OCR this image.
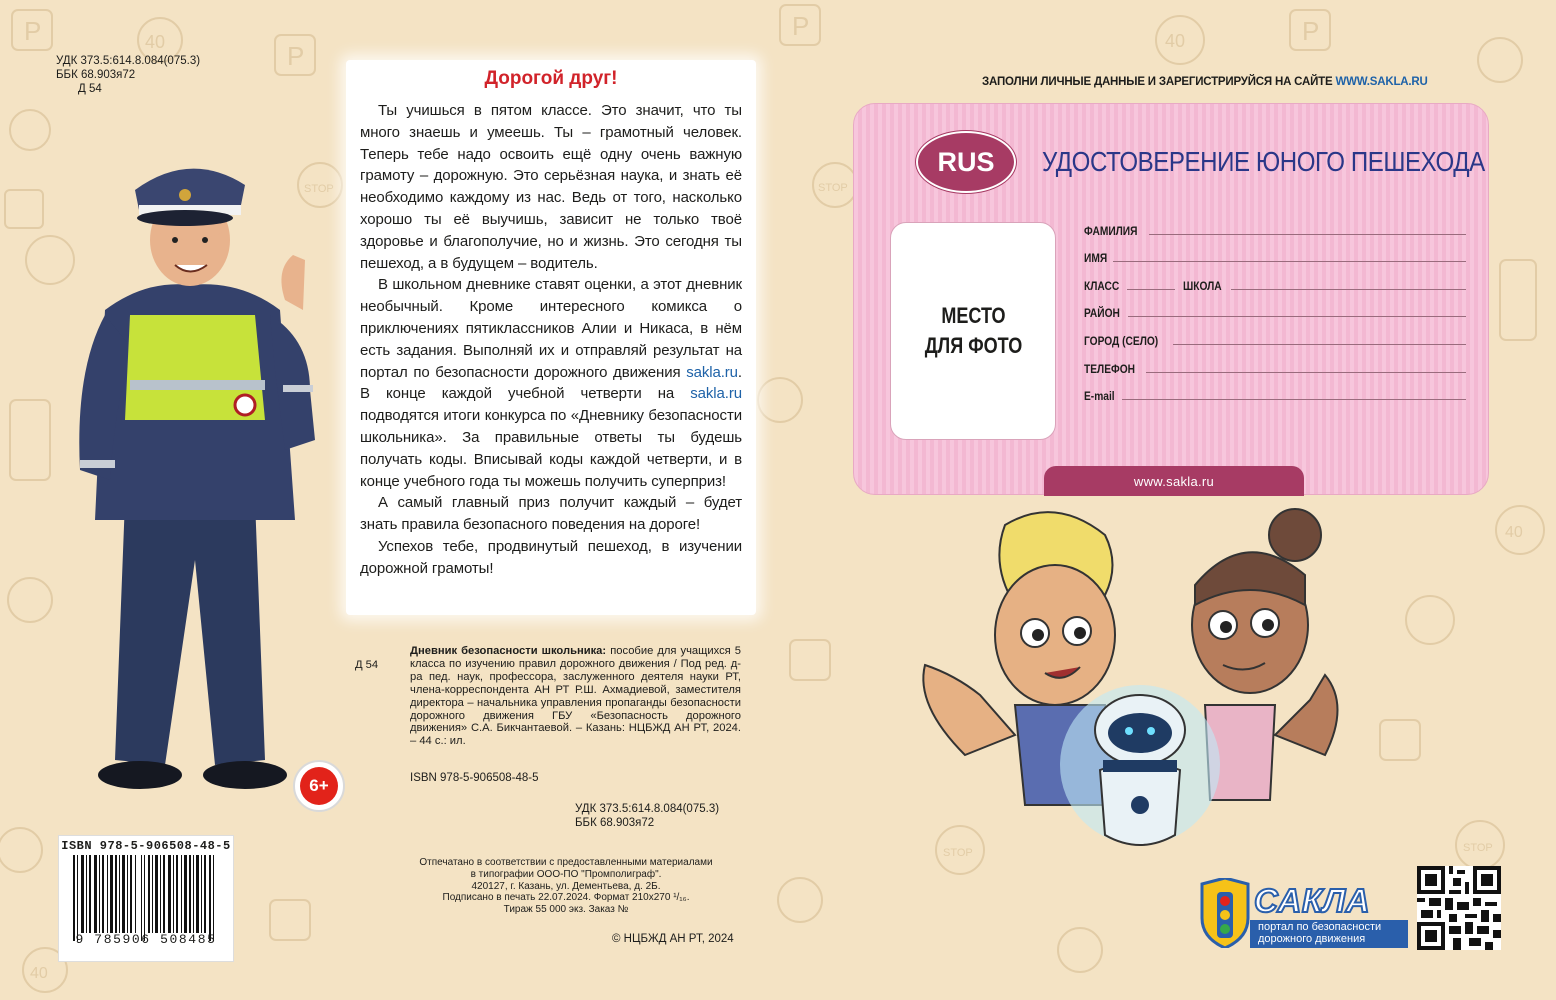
P	40	P
STOP
40
40
P	P
40
STOP	STOP
STOP
УДК 373.5:614.8.084(075.3)
ББК 68.903я72
Д 54	Дорогой друг!

Ты учишься в пятом классе. Это значит, что ты много знаешь и умеешь. Ты – грамотный человек. Теперь тебе надо освоить ещё одну очень важную грамоту – дорожную. Это серьёзная наука, и знать её необходимо каждому из нас. Ведь от того, насколько хорошо ты её выучишь, зависит не только твоё здоровье и благополучие, но и жизнь. Это сегодня ты пешеход, а в будущем – водитель.

В школьном дневнике ставят оценки, а этот дневник необычный. Кроме интересного комикса о приключениях пятиклассников Алии и Никаса, в нём есть задания. Выполняй их и отправляй результат на портал по безопасности дорожного движения sakla.ru. В конце каждой учебной четверти на sakla.ru подводятся итоги конкурса по «Дневнику безопасности школьника». За правильные ответы ты будешь получать коды. Вписывай коды каждой четверти, и в конце учебного года ты можешь получить суперприз!

А самый главный приз получит каждый – будет знать правила безопасного поведения на дороге!

Успехов тебе, продвинутый пешеход, в изучении дорожной грамоты!

6+
Д 54
Дневник безопасности школьника: пособие для учащихся 5 класса по изучению правил дорожного движения / Под ред. д-ра пед. наук, профессора, заслуженного деятеля науки РТ, члена-корреспондента АН РТ Р.Ш. Ахмадиевой, заместителя директора – начальника управления пропаганды безопасности дорожного движения ГБУ «Безопасность дорожного движения» С.А. Бикчантаевой. – Казань: НЦБЖД АН РТ, 2024. – 44 с.: ил.
ISBN 978-5-906508-48-5
УДК 373.5:614.8.084(075.3)
ББК 68.903я72
ISBN 978-5-906508-48-5
9 785906 508485
Отпечатано в соответствии с предоставленными материалами
в типографии ООО-ПО "Промполиграф".
420127, г. Казань, ул. Дементьева, д. 2Б.
Подписано в печать 22.07.2024. Формат 210x270 ¹/₁₆.
Тираж 55 000 экз. Заказ №
© НЦБЖД АН РТ, 2024
ЗАПОЛНИ ЛИЧНЫЕ ДАННЫЕ И ЗАРЕГИСТРИРУЙСЯ НА САЙТЕ WWW.SAKLA.RU
RUS	УДОСТОВЕРЕНИЕ ЮНОГО ПЕШЕХОДА
МЕСТО
ДЛЯ ФОТО
ФАМИЛИЯ
ИМЯ
КЛАСС	ШКОЛА
РАЙОН
ГОРОД (СЕЛО)
ТЕЛЕФОН
E-mail
www.sakla.ru
САКЛА
портал по безопасности
дорожного движения
